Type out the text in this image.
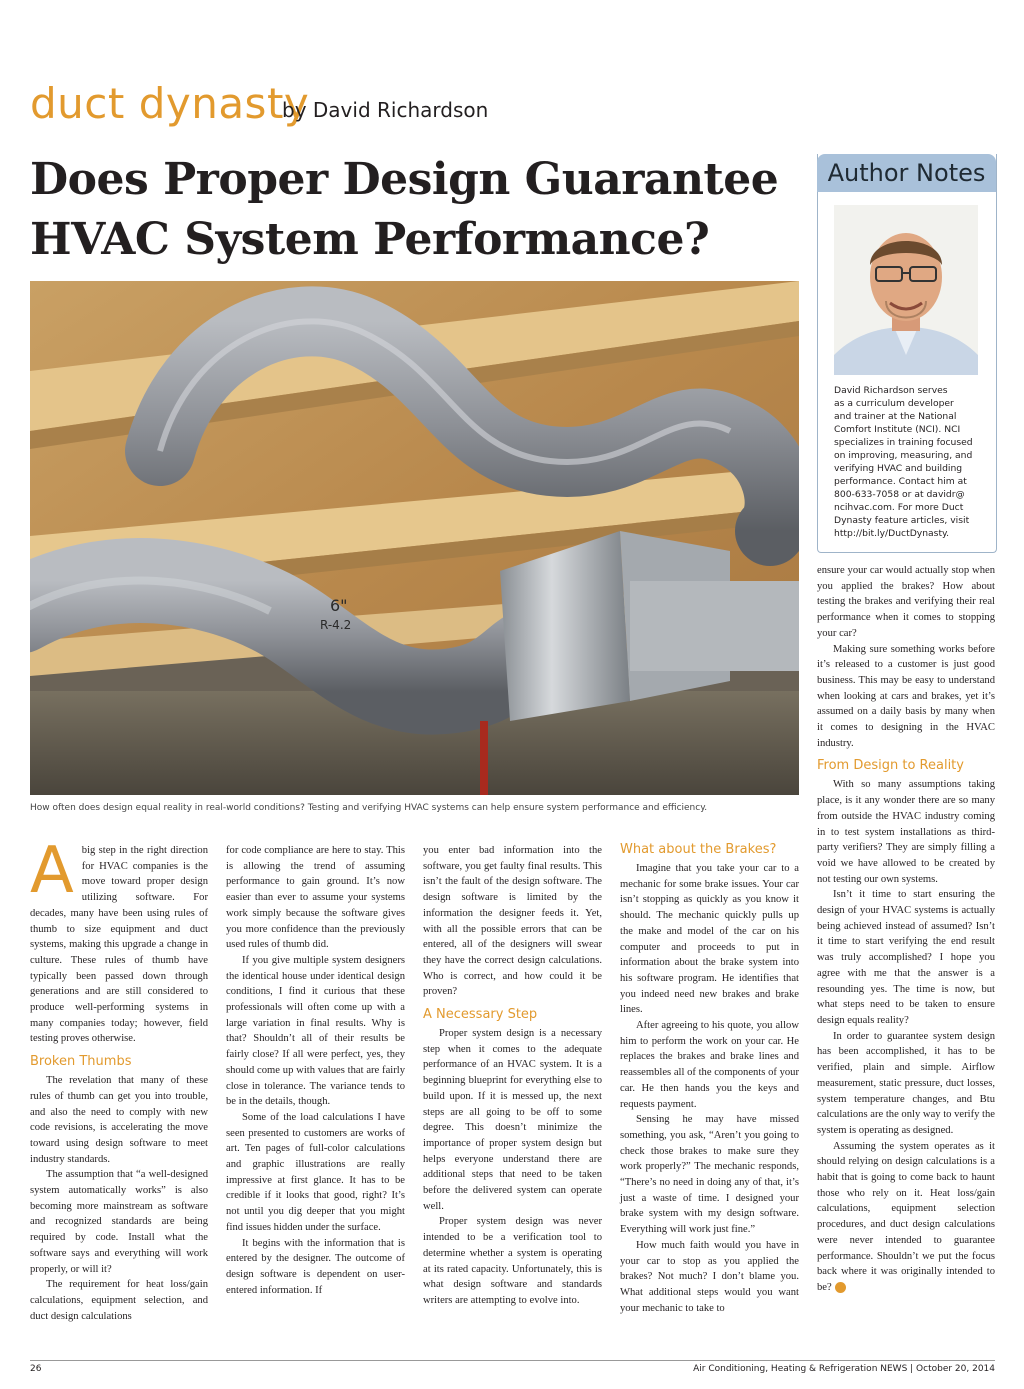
duct dynasty
by David Richardson
Does Proper Design Guarantee
HVAC System Performance?
6"
R-4.2
How often does design equal reality in real-world conditions? Testing and verifying HVAC systems can help ensure system performance and efficiency.
Author Notes

David Richardson serves

as a curriculum developer

and trainer at the National

Comfort Institute (NCI). NCI

specializes in training focused

on improving, measuring, and

verifying HVAC and building

performance. Contact him at

800-633-7058 or at davidr@

ncihvac.com. For more Duct

Dynasty feature articles, visit

http://bit.ly/DuctDynasty.

A big step in the right direction for HVAC companies is the move toward proper design utilizing software. For decades, many have been using rules of thumb to size equipment and duct systems, making this upgrade a change in culture. These rules of thumb have typically been passed down through generations and are still considered to produce well-performing systems in many companies today; however, field testing proves otherwise.

Broken Thumbs

The revelation that many of these rules of thumb can get you into trouble, and also the need to comply with new code revisions, is accelerating the move toward using design software to meet industry standards.

The assumption that “a well-designed system automatically works” is also becoming more mainstream as software and recognized standards are being required by code. Install what the software says and everything will work properly, or will it?

The requirement for heat loss/gain calculations, equipment selection, and duct design calculations

for code compliance are here to stay. This is allowing the trend of assuming performance to gain ground. It’s now easier than ever to assume your systems work simply because the software gives you more confidence than the previously used rules of thumb did.

If you give multiple system designers the identical house under identical design conditions, I find it curious that these professionals will often come up with a large variation in final results. Why is that? Shouldn’t all of their results be fairly close? If all were perfect, yes, they should come up with values that are fairly close in tolerance. The variance tends to be in the details, though.

Some of the load calculations I have seen presented to customers are works of art. Ten pages of full-color calculations and graphic illustrations are really impressive at first glance. It has to be credible if it looks that good, right? It’s not until you dig deeper that you might find issues hidden under the surface.

It begins with the information that is entered by the designer. The outcome of design software is dependent on user-entered information. If

you enter bad information into the software, you get faulty final results. This isn’t the fault of the design software. The design software is limited by the information the designer feeds it. Yet, with all the possible errors that can be entered, all of the designers will swear they have the correct design calculations. Who is correct, and how could it be proven?

A Necessary Step

Proper system design is a necessary step when it comes to the adequate performance of an HVAC system. It is a beginning blueprint for everything else to build upon. If it is messed up, the next steps are all going to be off to some degree. This doesn’t minimize the importance of proper system design but helps everyone understand there are additional steps that need to be taken before the delivered system can operate well.

Proper system design was never intended to be a verification tool to determine whether a system is operating at its rated capacity. Unfortunately, this is what design software and standards writers are attempting to evolve into.

What about the Brakes?

Imagine that you take your car to a mechanic for some brake issues. Your car isn’t stopping as quickly as you know it should. The mechanic quickly pulls up the make and model of the car on his computer and proceeds to put in information about the brake system into his software program. He identifies that you indeed need new brakes and brake lines.

After agreeing to his quote, you allow him to perform the work on your car. He replaces the brakes and brake lines and reassembles all of the components of your car. He then hands you the keys and requests payment.

Sensing he may have missed something, you ask, “Aren’t you going to check those brakes to make sure they work properly?” The mechanic responds, “There’s no need in doing any of that, it’s just a waste of time. I designed your brake system with my design software. Everything will work just fine.”

How much faith would you have in your car to stop as you applied the brakes? Not much? I don’t blame you. What additional steps would you want your mechanic to take to

ensure your car would actually stop when you applied the brakes? How about testing the brakes and verifying their real performance when it comes to stopping your car?

Making sure something works before it’s released to a customer is just good business. This may be easy to understand when looking at cars and brakes, yet it’s assumed on a daily basis by many when it comes to designing in the HVAC industry.

From Design to Reality

With so many assumptions taking place, is it any wonder there are so many from outside the HVAC industry coming in to test system installations as third-party verifiers? They are simply filling a void we have allowed to be created by not testing our own systems.

Isn’t it time to start ensuring the design of your HVAC systems is actually being achieved instead of assumed? Isn’t it time to start verifying the end result was truly accomplished? I hope you agree with me that the answer is a resounding yes. The time is now, but what steps need to be taken to ensure design equals reality?

In order to guarantee system design has been accomplished, it has to be verified, plain and simple. Airflow measurement, static pressure, duct losses, system temperature changes, and Btu calculations are the only way to verify the system is operating as designed.

Assuming the system operates as it should relying on design calculations is a habit that is going to come back to haunt those who rely on it. Heat loss/gain calculations, equipment selection procedures, and duct design calculations were never intended to guarantee performance. Shouldn’t we put the focus back where it was originally intended to be? N

26	Air Conditioning, Heating & Refrigeration NEWS | October 20, 2014
